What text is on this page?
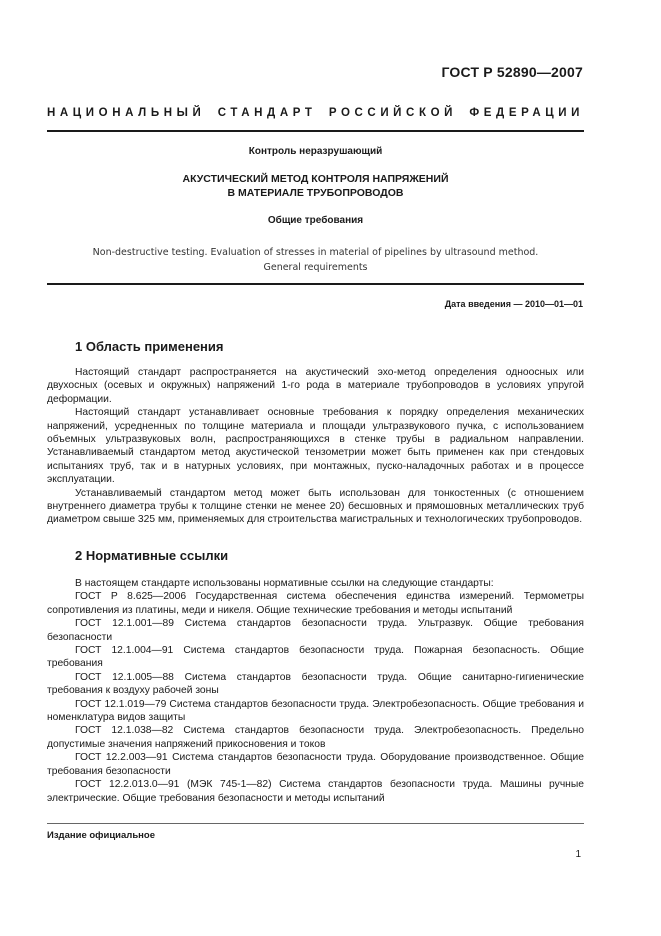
ГОСТ Р 52890—2007
НАЦИОНАЛЬНЫЙ СТАНДАРТ РОССИЙСКОЙ ФЕДЕРАЦИИ
Контроль неразрушающий
АКУСТИЧЕСКИЙ МЕТОД КОНТРОЛЯ НАПРЯЖЕНИЙ
В МАТЕРИАЛЕ ТРУБОПРОВОДОВ
Общие требования
Non-destructive testing. Evaluation of stresses in material of pipelines by ultrasound method.
General requirements
Дата введения — 2010—01—01
1 Область применения

Настоящий стандарт распространяется на акустический эхо-метод определения одноосных или двухосных (осевых и окружных) напряжений 1-го рода в материале трубопроводов в условиях упругой деформации.

Настоящий стандарт устанавливает основные требования к порядку определения механических напряжений, усредненных по толщине материала и площади ультразвукового пучка, с использованием объемных ультразвуковых волн, распространяющихся в стенке трубы в радиальном направлении. Устанавливаемый стандартом метод акустической тензометрии может быть применен как при стендовых испытаниях труб, так и в натурных условиях, при монтажных, пуско-наладочных работах и в процессе эксплуатации.

Устанавливаемый стандартом метод может быть использован для тонкостенных (с отношением внутреннего диаметра трубы к толщине стенки не менее 20) бесшовных и прямошовных металлических труб диаметром свыше 325 мм, применяемых для строительства магистральных и технологических трубопроводов.

2 Нормативные ссылки

В настоящем стандарте использованы нормативные ссылки на следующие стандарты:

ГОСТ Р 8.625—2006 Государственная система обеспечения единства измерений. Термометры сопротивления из платины, меди и никеля. Общие технические требования и методы испытаний

ГОСТ 12.1.001—89 Система стандартов безопасности труда. Ультразвук. Общие требования безопасности

ГОСТ 12.1.004—91 Система стандартов безопасности труда. Пожарная безопасность. Общие требования

ГОСТ 12.1.005—88 Система стандартов безопасности труда. Общие санитарно-гигиенические требования к воздуху рабочей зоны

ГОСТ 12.1.019—79 Система стандартов безопасности труда. Электробезопасность. Общие требования и номенклатура видов защиты

ГОСТ 12.1.038—82 Система стандартов безопасности труда. Электробезопасность. Предельно допустимые значения напряжений прикосновения и токов

ГОСТ 12.2.003—91 Система стандартов безопасности труда. Оборудование производственное. Общие требования безопасности

ГОСТ 12.2.013.0—91 (МЭК 745-1—82) Система стандартов безопасности труда. Машины ручные электрические. Общие требования безопасности и методы испытаний

Издание официальное
1
